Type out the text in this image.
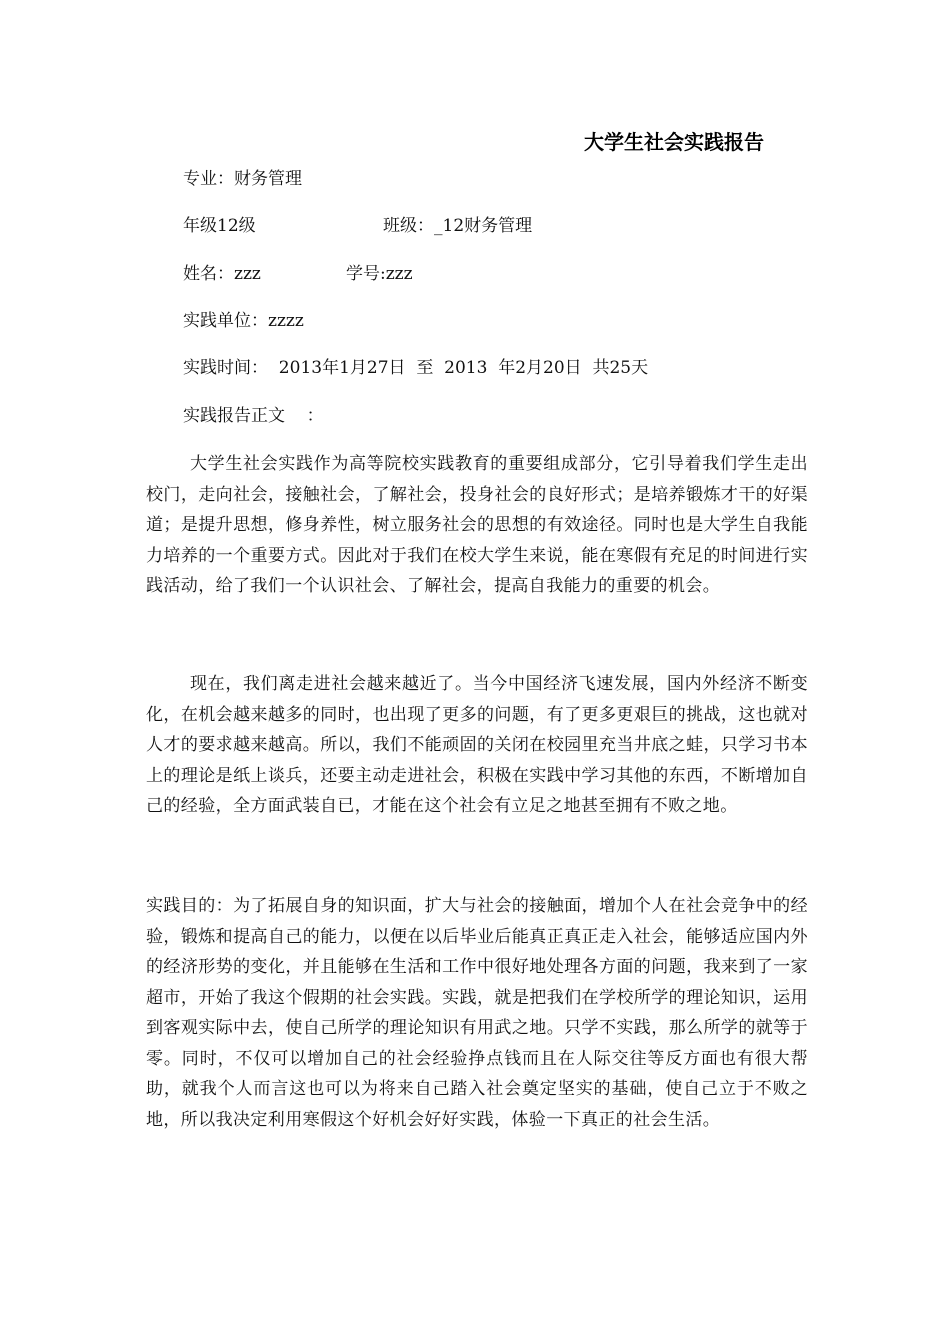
大学生社会实践报告
专业：财务管理
年级12级	班级：_12财务管理
姓名：zzz	学号:zzz
实践单位：zzzz
实践时间：  2013年1月27日  至  2013  年2月20日  共25天
实践报告正文    ：
大学生社会实践作为高等院校实践教育的重要组成部分，它引导着我们学生走出校门，走向社会，接触社会，了解社会，投身社会的良好形式；是培养锻炼才干的好渠道；是提升思想，修身养性，树立服务社会的思想的有效途径。同时也是大学生自我能力培养的一个重要方式。因此对于我们在校大学生来说，能在寒假有充足的时间进行实践活动，给了我们一个认识社会、了解社会，提高自我能力的重要的机会。
现在，我们离走进社会越来越近了。当今中国经济飞速发展，国内外经济不断变化，在机会越来越多的同时，也出现了更多的问题，有了更多更艰巨的挑战，这也就对人才的要求越来越高。所以，我们不能顽固的关闭在校园里充当井底之蛙，只学习书本上的理论是纸上谈兵，还要主动走进社会，积极在实践中学习其他的东西，不断增加自己的经验，全方面武装自已，才能在这个社会有立足之地甚至拥有不败之地。
实践目的：为了拓展自身的知识面，扩大与社会的接触面，增加个人在社会竞争中的经验，锻炼和提高自己的能力，以便在以后毕业后能真正真正走入社会，能够适应国内外的经济形势的变化，并且能够在生活和工作中很好地处理各方面的问题，我来到了一家超市，开始了我这个假期的社会实践。实践，就是把我们在学校所学的理论知识，运用到客观实际中去，使自己所学的理论知识有用武之地。只学不实践，那么所学的就等于零。同时，不仅可以增加自己的社会经验挣点钱而且在人际交往等反方面也有很大帮助，就我个人而言这也可以为将来自己踏入社会奠定坚实的基础，使自己立于不败之地，所以我决定利用寒假这个好机会好好实践，体验一下真正的社会生活。
